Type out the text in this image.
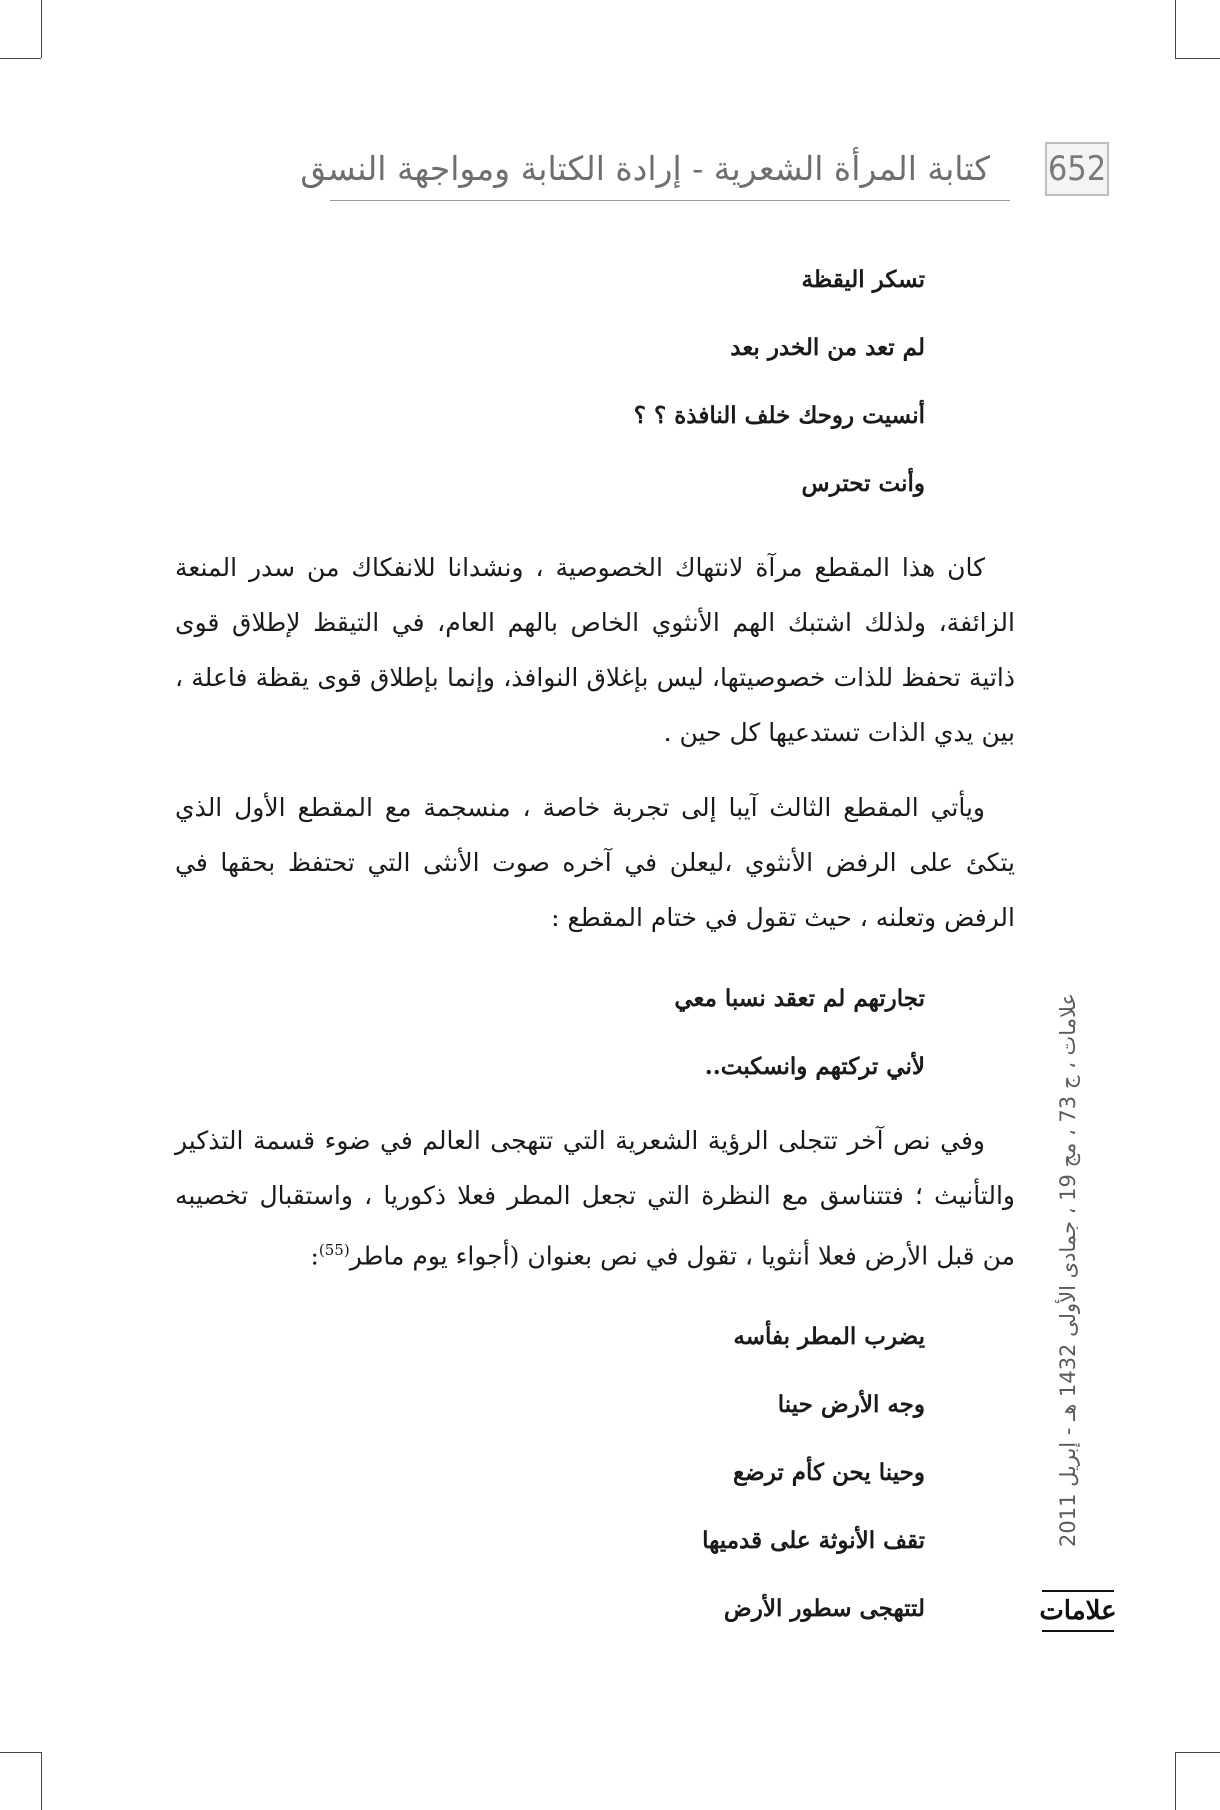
652
كتابة المرأة الشعرية - إرادة الكتابة ومواجهة النسق

تسكر اليقظة

لم تعد من الخدر بعد

أنسيت روحك خلف النافذة ؟ ؟

وأنت تحترس

كان هذا المقطع مرآة لانتهاك الخصوصية ، ونشدانا للانفكاك من سدر المنعة الزائفة، ولذلك اشتبك الهم الأنثوي الخاص بالهم العام، في التيقظ لإطلاق قوى ذاتية تحفظ للذات خصوصيتها، ليس بإغلاق النوافذ، وإنما بإطلاق قوى يقظة فاعلة ، بين يدي الذات تستدعيها كل حين .

ويأتي المقطع الثالث آيبا إلى تجربة خاصة ، منسجمة مع المقطع الأول الذي يتكئ على الرفض الأنثوي ،ليعلن في آخره صوت الأنثى التي تحتفظ بحقها في الرفض وتعلنه ، حيث تقول في ختام المقطع :

تجارتهم لم تعقد نسبا معي

لأني تركتهم وانسكبت..

وفي نص آخر تتجلى الرؤية الشعرية التي تتهجى العالم في ضوء قسمة التذكير والتأنيث ؛ فتتناسق مع النظرة التي تجعل المطر فعلا ذكوريا ، واستقبال تخصيبه من قبل الأرض فعلا أنثويا ، تقول في نص بعنوان (أجواء يوم ماطر$^{(55)}$:

يضرب المطر بفأسه

وجه الأرض حينا

وحينا يحن كأم ترضع

تقف الأنوثة على قدميها

لتتهجى سطور الأرض

علامات ، ج 73 ، مج 19 ، جمادى الأولى 1432 هـ - إبريل 2011
علامات
